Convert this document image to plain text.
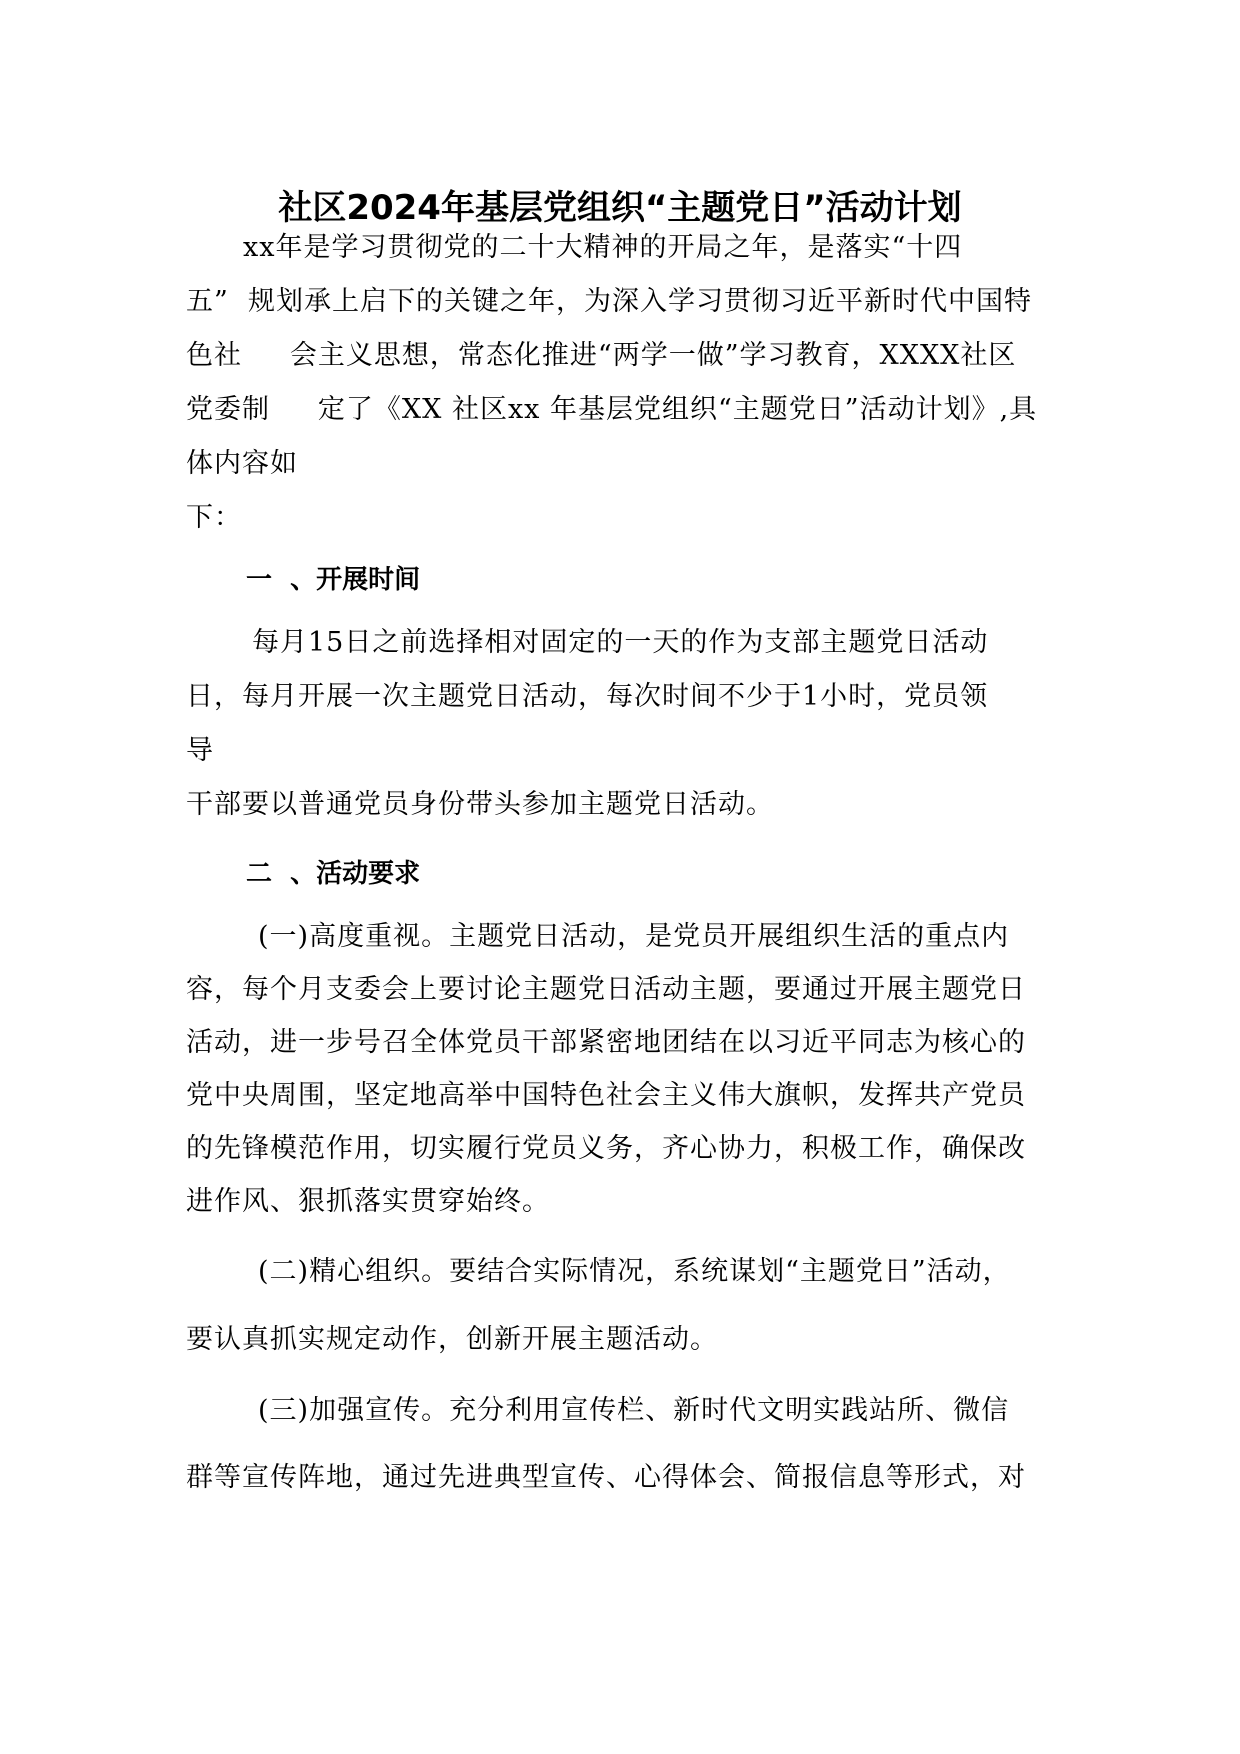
社区2024年基层党组织“主题党日”活动计划
xx年是学习贯彻党的二十大精神的开局之年，是落实“十四
五”  规划承上启下的关键之年，为深入学习贯彻习近平新时代中国特
色社     会主义思想，常态化推进“两学一做”学习教育，XXXX社区
党委制     定了《XX 社区xx 年基层党组织“主题党日”活动计划》,具
体内容如
下：
一  、开展时间
每月15日之前选择相对固定的一天的作为支部主题党日活动
日，每月开展一次主题党日活动，每次时间不少于1小时，党员领
导
干部要以普通党员身份带头参加主题党日活动。
二  、活动要求
(一)高度重视。主题党日活动，是党员开展组织生活的重点内
容，每个月支委会上要讨论主题党日活动主题，要通过开展主题党日
活动，进一步号召全体党员干部紧密地团结在以习近平同志为核心的
党中央周围，坚定地高举中国特色社会主义伟大旗帜，发挥共产党员
的先锋模范作用，切实履行党员义务，齐心协力，积极工作，确保改
进作风、狠抓落实贯穿始终。
(二)精心组织。要结合实际情况，系统谋划“主题党日”活动，
要认真抓实规定动作，创新开展主题活动。
(三)加强宣传。充分利用宣传栏、新时代文明实践站所、微信
群等宣传阵地，通过先进典型宣传、心得体会、简报信息等形式，对
